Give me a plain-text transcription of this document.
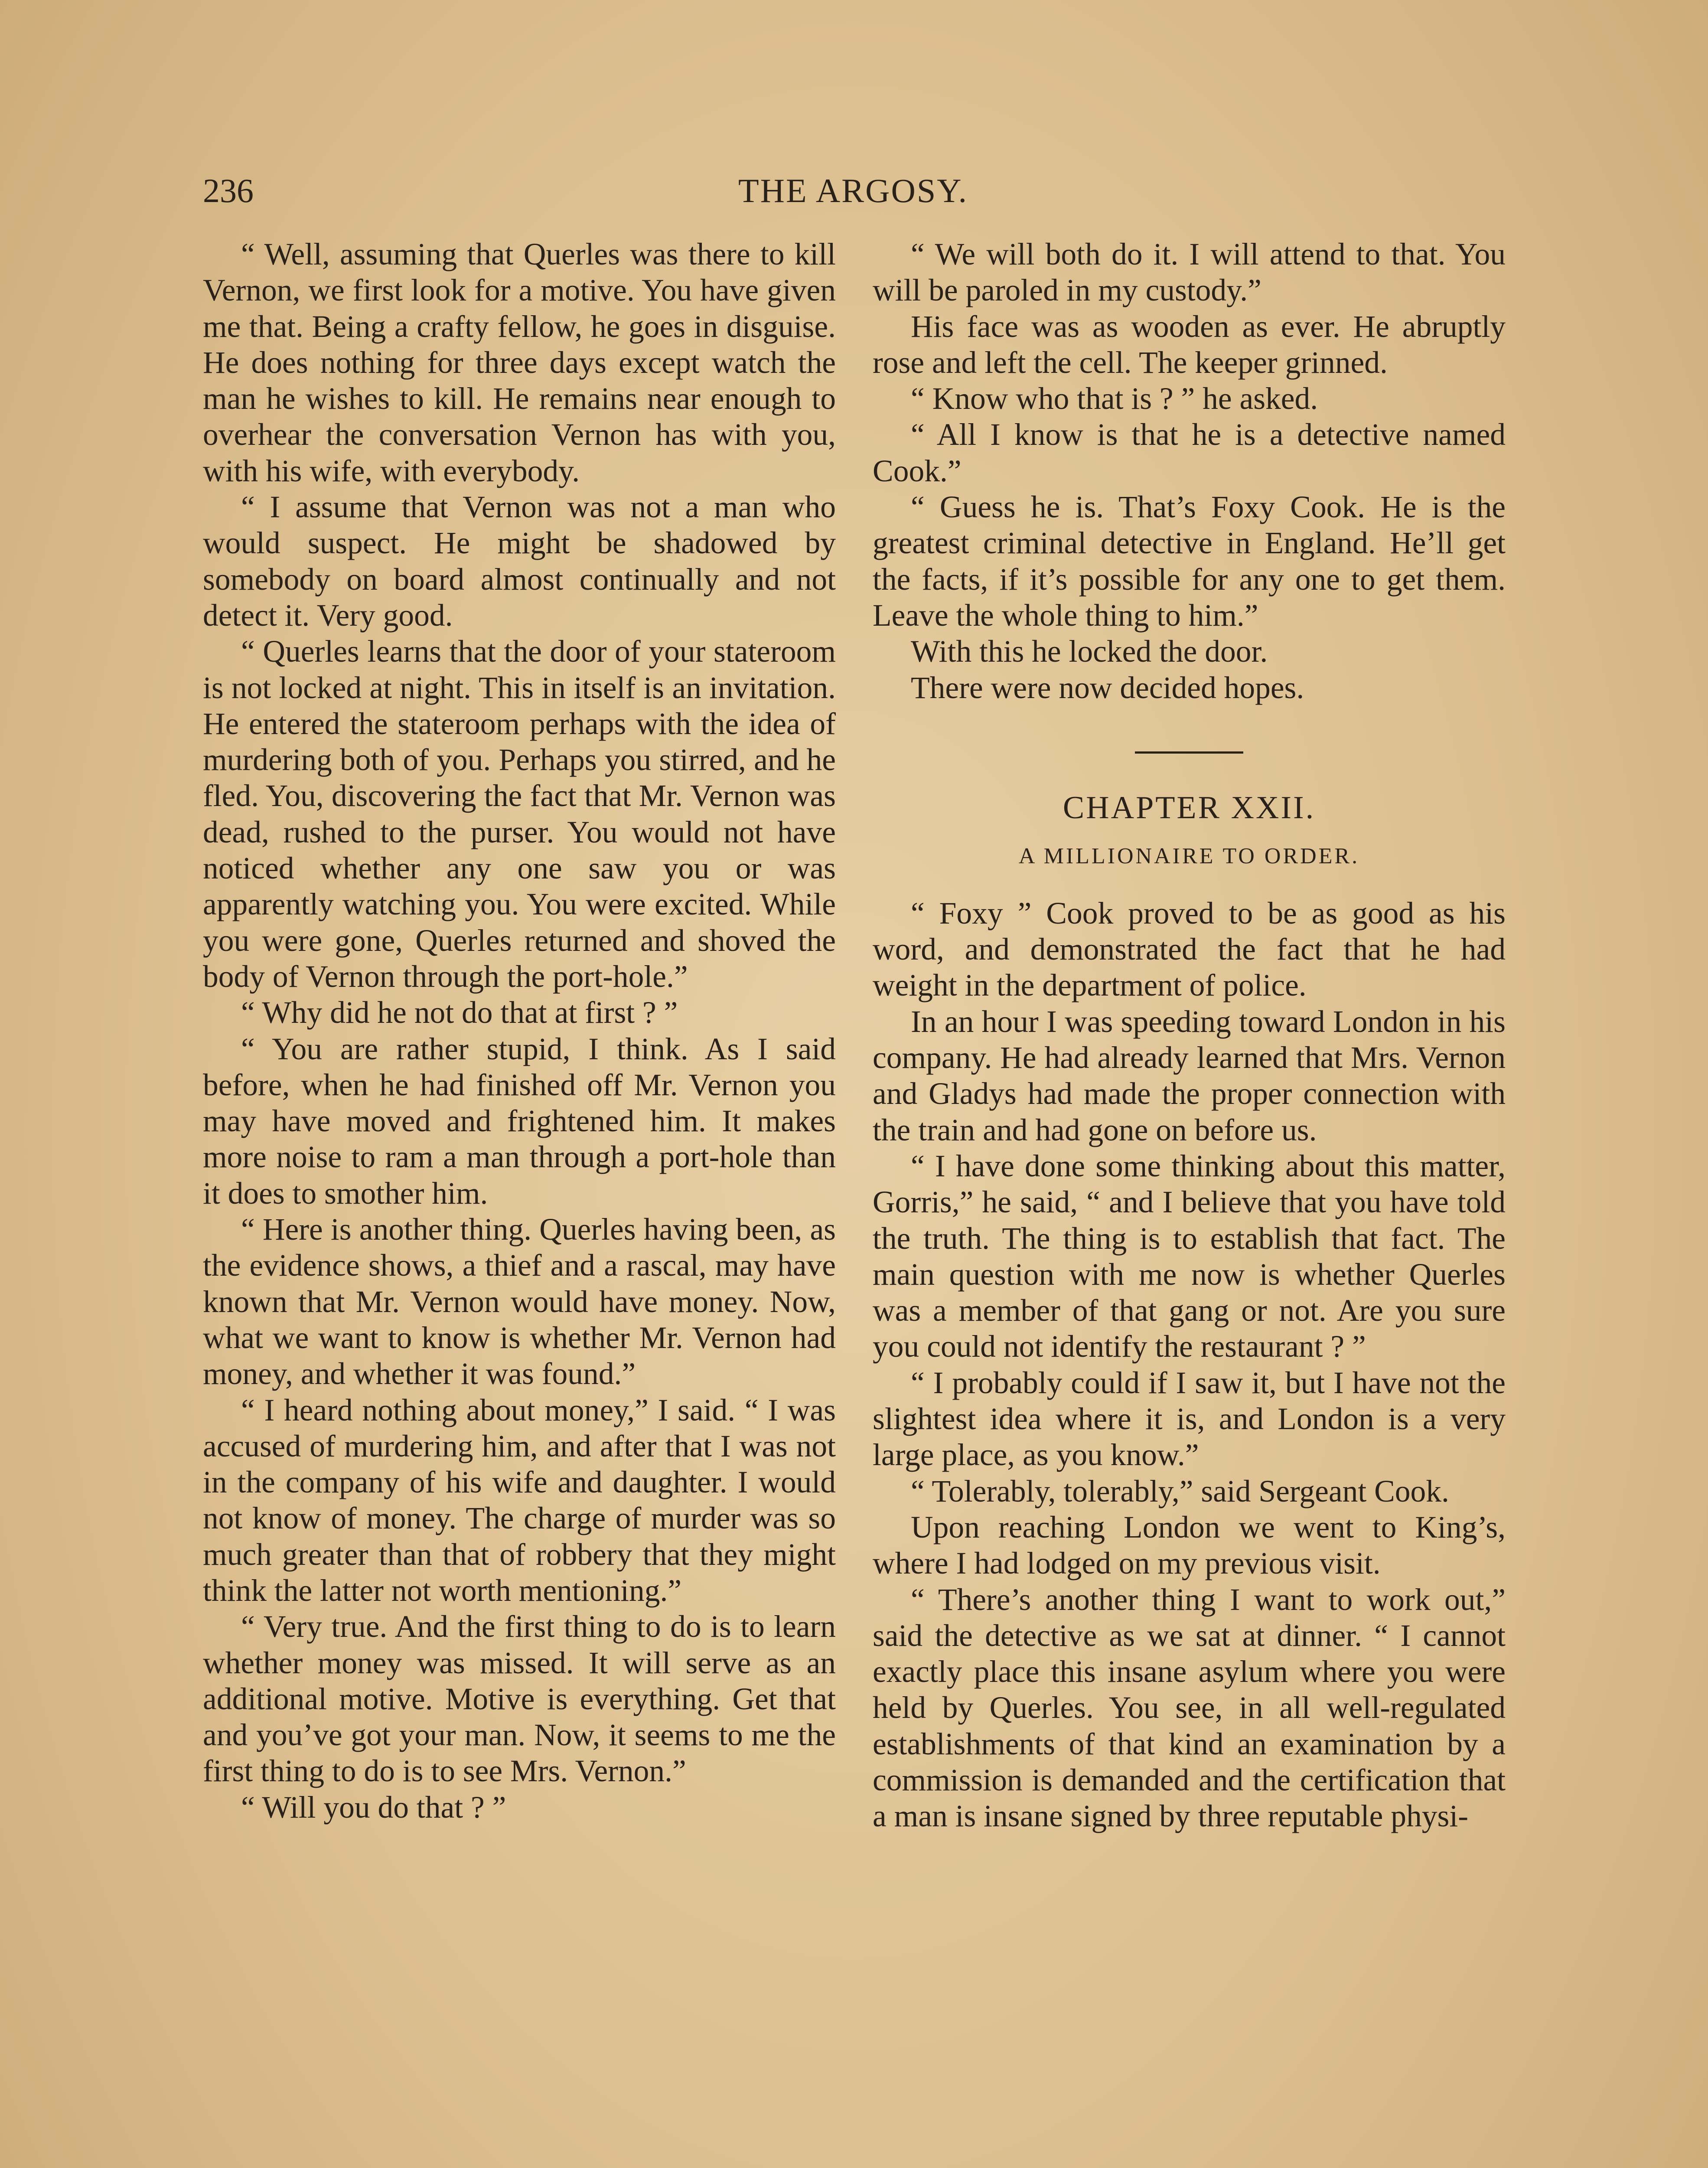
236	THE ARGOSY.

“ Well, assuming that Querles was there to kill Vernon, we first look for a motive. You have given me that. Being a crafty fellow, he goes in disguise. He does nothing for three days except watch the man he wishes to kill. He remains near enough to overhear the conversation Vernon has with you, with his wife, with everybody.

“ I assume that Vernon was not a man who would suspect. He might be shadowed by somebody on board almost continually and not detect it. Very good.

“ Querles learns that the door of your stateroom is not locked at night. This in itself is an invitation. He entered the stateroom perhaps with the idea of murdering both of you. Perhaps you stirred, and he fled. You, discovering the fact that Mr. Vernon was dead, rushed to the purser. You would not have noticed whether any one saw you or was apparently watching you. You were excited. While you were gone, Querles returned and shoved the body of Vernon through the port-hole.”

“ Why did he not do that at first ? ”

“ You are rather stupid, I think. As I said before, when he had finished off Mr. Vernon you may have moved and frightened him. It makes more noise to ram a man through a port-hole than it does to smother him.

“ Here is another thing. Querles having been, as the evidence shows, a thief and a rascal, may have known that Mr. Vernon would have money. Now, what we want to know is whether Mr. Vernon had money, and whether it was found.”

“ I heard nothing about money,” I said. “ I was accused of murdering him, and after that I was not in the company of his wife and daughter. I would not know of money. The charge of murder was so much greater than that of robbery that they might think the latter not worth mentioning.”

“ Very true. And the first thing to do is to learn whether money was missed. It will serve as an additional motive. Motive is everything. Get that and you’ve got your man. Now, it seems to me the first thing to do is to see Mrs. Vernon.”

“ Will you do that ? ”

“ We will both do it. I will attend to that. You will be paroled in my custody.”

His face was as wooden as ever. He abruptly rose and left the cell. The keeper grinned.

“ Know who that is ? ” he asked.

“ All I know is that he is a detective named Cook.”

“ Guess he is. That’s Foxy Cook. He is the greatest criminal detective in England. He’ll get the facts, if it’s possible for any one to get them. Leave the whole thing to him.”

With this he locked the door.

There were now decided hopes.

CHAPTER XXII.
A MILLIONAIRE TO ORDER.

“ Foxy ” Cook proved to be as good as his word, and demonstrated the fact that he had weight in the department of police.

In an hour I was speeding toward London in his company. He had already learned that Mrs. Vernon and Gladys had made the proper connection with the train and had gone on before us.

“ I have done some thinking about this matter, Gorris,” he said, “ and I believe that you have told the truth. The thing is to establish that fact. The main question with me now is whether Querles was a member of that gang or not. Are you sure you could not identify the restaurant ? ”

“ I probably could if I saw it, but I have not the slightest idea where it is, and London is a very large place, as you know.”

“ Tolerably, tolerably,” said Sergeant Cook.

Upon reaching London we went to King’s, where I had lodged on my previous visit.

“ There’s another thing I want to work out,” said the detective as we sat at dinner. “ I cannot exactly place this insane asylum where you were held by Querles. You see, in all well-regulated establishments of that kind an examination by a commission is demanded and the certification that a man is insane signed by three reputable physi-
